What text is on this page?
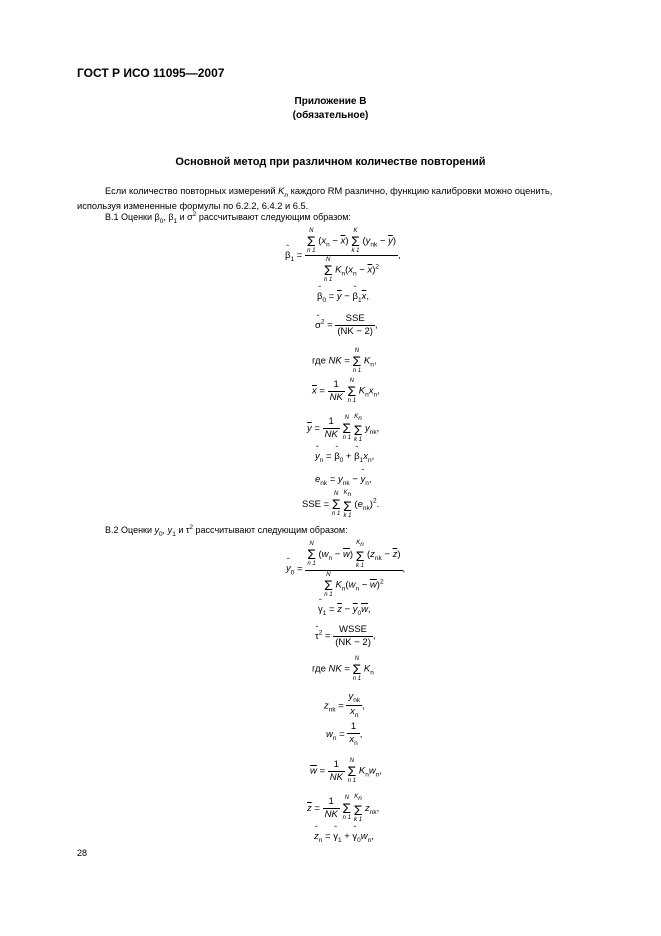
ГОСТ Р ИСО 11095—2007
Приложение В
(обязательное)
Основной метод при различном количестве повторений
Если количество повторных измерений $K_n$ каждого RM различно, функцию калибровки можно оценить,
используя измененные формулы по 6.2.2, 6.4.2 и 6.5.
В.1 Оценки $\beta_0$, $\beta_1$ и $\sigma^2$ рассчитывают следующим образом:
ˆ $\beta_1$ =
N
Σ
n 1
$(x_n - \overline{x})$
K
Σ
k 1
$(y_{nk} - \overline{y})$
N
Σ
n 1
$K_n(x_n - \overline{x})^2$
,
ˆ $\beta_0 = \overline{y}$ − ˆ $\beta_1\overline{x}$,
ˆ $\sigma^2$ =
SSE
(NK − 2)
,
где NK =
N
Σ
n 1
$K_n$,
$\overline{x} = \frac{1}{NK}$
N
Σ
n 1
$K_nx_n$,
$\overline{y} = \frac{1}{NK}$
N
Σ
n 1

$K_n$
Σ
k 1
$y_{nk}$,
ˆ $y_n$ = ˆ $\beta_0$ + ˆ $\beta_1x_n$,
$e_{nk} = y_{nk}$ − ˆ $y_n$,
SSE =
N
Σ
n 1

$K_n$
Σ
k 1
$(e_{nk})^2$.
В.2 Оценки $y_0$, $y_1$ и $\tau^2$ рассчитывают следующим образом:
ˆ $y_0$ =
N
Σ
n 1
$(w_n - \overline{w})$
$K_n$
Σ
k 1
$(z_{nk} - \overline{z})$
N
Σ
n 1
$K_n(w_n - \overline{w})^2$
,
ˆ $\gamma_1 = \overline{z} - \overline{y}_0\overline{w}$,
ˆ $\tau^2$ =
WSSE
(NK − 2)
,
где NK =
N
Σ
n 1
$K_n$
$z_{nk}$ =
$y_{nk}$
$x_n$
,
$w_n = \frac{1}{x_n}$ ,
$\overline{w} = \frac{1}{NK}$
N
Σ
n 1
$K_nw_n$,
$\overline{z} = \frac{1}{NK}$
N
Σ
n 1

$K_n$
Σ
k 1
$z_{nk}$,
ˆ $z_n$ = ˆ $\gamma_1$ + ˆ $\gamma_0w_n$,
28
